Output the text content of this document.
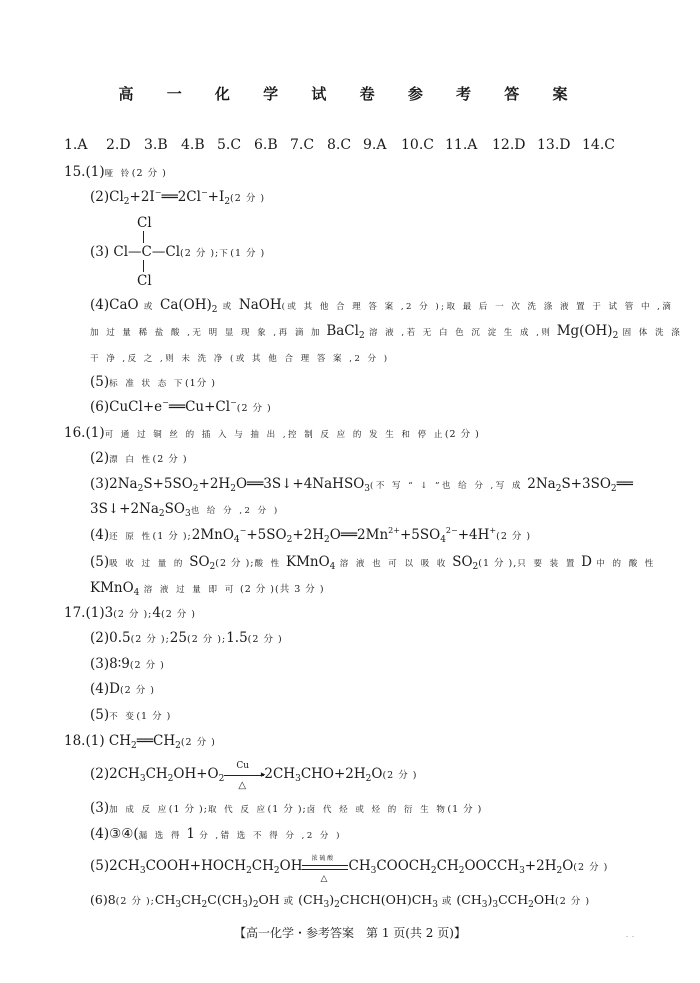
高 一 化 学 试 卷 参 考 答 案
1.A 2.D 3.B 4.B 5.C 6.B 7.C 8.C 9.A 10.C 11.A 12.D 13.D 14.C
15.(1)哑 铃(2 分 )
$(2)Cl_2+2I^-══2Cl^-+I_2(2$ 分 )
Cl
(3) Cl—C—Cl(2 分 );下(1 分 )
Cl
(4)CaO 或 $Ca(OH)_2$ 或 NaOH(或 其 他 合 理 答 案 ,2 分 );取 最 后 一 次 洗 涤 液 置 于 试 管 中 ,滴
加 过 量 稀 盐 酸 ,无 明 显 现 象 ,再 滴 加 BaCl$_2$ 溶 液 ,若 无 白 色 沉 淀 生 成 ,则 $Mg(OH)_2$ 固 体 洗 涤
干 净 ,反 之 ,则 未 洗 净 (或 其 他 合 理 答 案 ,2 分 )
(5)标 准 状 态 下(1分 )
(6)CuCl+e−══Cu+Cl−(2 分 )
16.(1)可 通 过 铜 丝 的 插 入 与 抽 出 ,控 制 反 应 的 发 生 和 停 止(2 分 )
(2)漂 白 性(2 分 )
$(3)2Na_2S+5SO_2+2H_2O══3S↓+4NaHSO_3$(不 写 “ ↓ ”也 给 分 ,写 成 $2Na_2S+3SO_2══$
$3S↓+2Na_2SO_3$也 给 分 ,2 分 )
(4)还 原 性(1 分 )$;2MnO_4^-+5SO_2+2H_2O══2Mn^{2+}+5SO_4^{2-}+4H^+(2$ 分 )
(5)吸 收 过 量 的 $SO_2(2$ 分 );酸 性 KMnO$_4$ 溶 液 也 可 以 吸 收 $SO_2(1$ 分 ),只 要 装 置 D 中 的 酸 性
KMnO$_4$ 溶 液 过 量 即 可 (2 分 )(共 3 分 )
17.(1)3(2 分 );4(2 分 )
(2)0.5(2 分 );25(2 分 );1.5(2 分 )
(3)8∶9(2 分 )
(4)D(2 分 )
(5)不 变(1 分 )
18.(1) $CH_2══CH_2(2$ 分 )
$(2)2CH_3CH_2OH+O_2$
Cu
▸
△
$2CH_3CHO+2H_2O(2$ 分 )
(3)加 成 反 应(1 分 );取 代 反 应(1 分 );卤 代 烃 或 烃 的 衍 生 物(1 分 )
(4)③④(漏 选 得 1 分 ,错 选 不 得 分 ,2 分 )
$(5)2CH_3COOH+HOCH_2CH_2OH$ 浓 硫 酸
△
$CH_3COOCH_2CH_2OOCCH_3+2H_2O(2$ 分 )
(6)8(2 分 )$;CH_3CH_2C(CH_3)_2OH$ 或 $(CH_3)_2CHCH(OH)CH_3$ 或 $(CH_3)_3CCH_2OH(2$ 分 )
【高一化学・参考答案　第 1 页(共 2 页)】	・・
